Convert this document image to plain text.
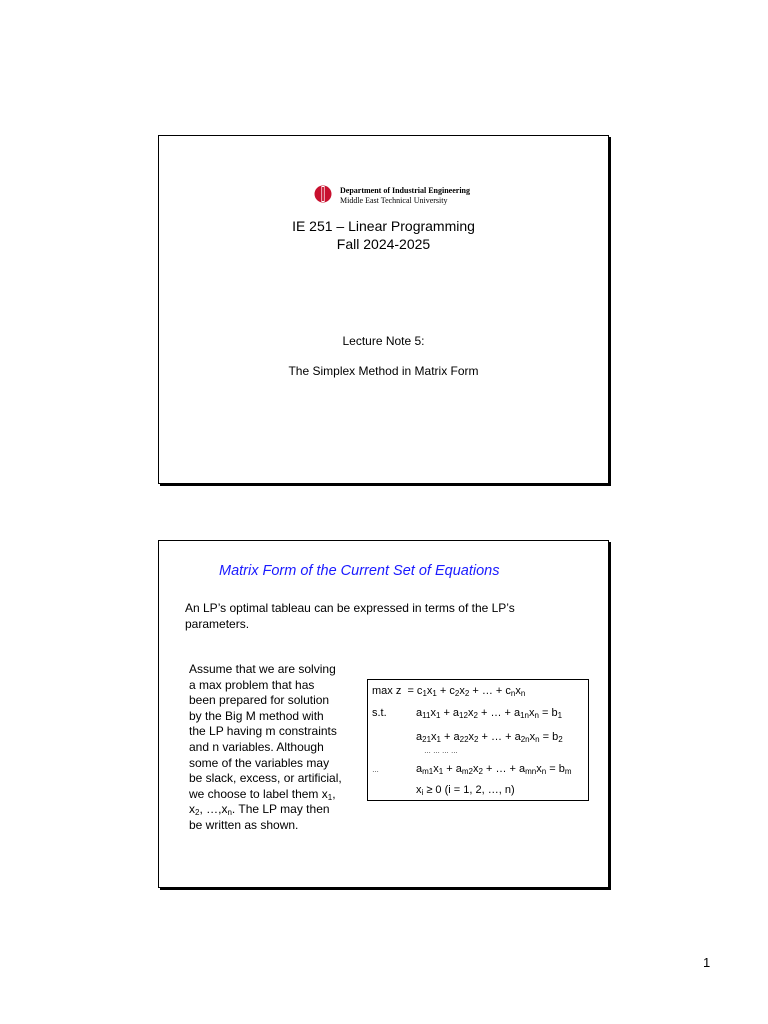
Department of Industrial Engineering
Middle East Technical University
IE 251 – Linear Programming
Fall 2024-2025
Lecture Note 5:
The Simplex Method in Matrix Form
Matrix Form of the Current Set of Equations
An LP’s optimal tableau can be expressed in terms of the LP’s parameters.
Assume that we are solving
a max problem that has
been prepared for solution
by the Big M method with
the LP having m constraints
and n variables. Although
some of the variables may
be slack, excess, or artificial,
we choose to label them $x_1$,
$x_2$, $\dots,x_n$. The LP may then
be written as shown.
$\max z = c_1x_1 + c_2x_2$ + … + $c_nx_n$
s.t.	$a_{11}x_1 + a_{12}x_2$ + … + $a_{1n}x_n = b_1$
$a_{21}x_1 + a_{22}x_2$ + … + $a_{2n}x_n = b_2$
… … … …
…	$a_{m1}x_1 + a_{m2}x_2$ + … + $a_{mn}x_n = b_m$
$x_i \ge 0$ (i = 1, 2, …, n)
1
